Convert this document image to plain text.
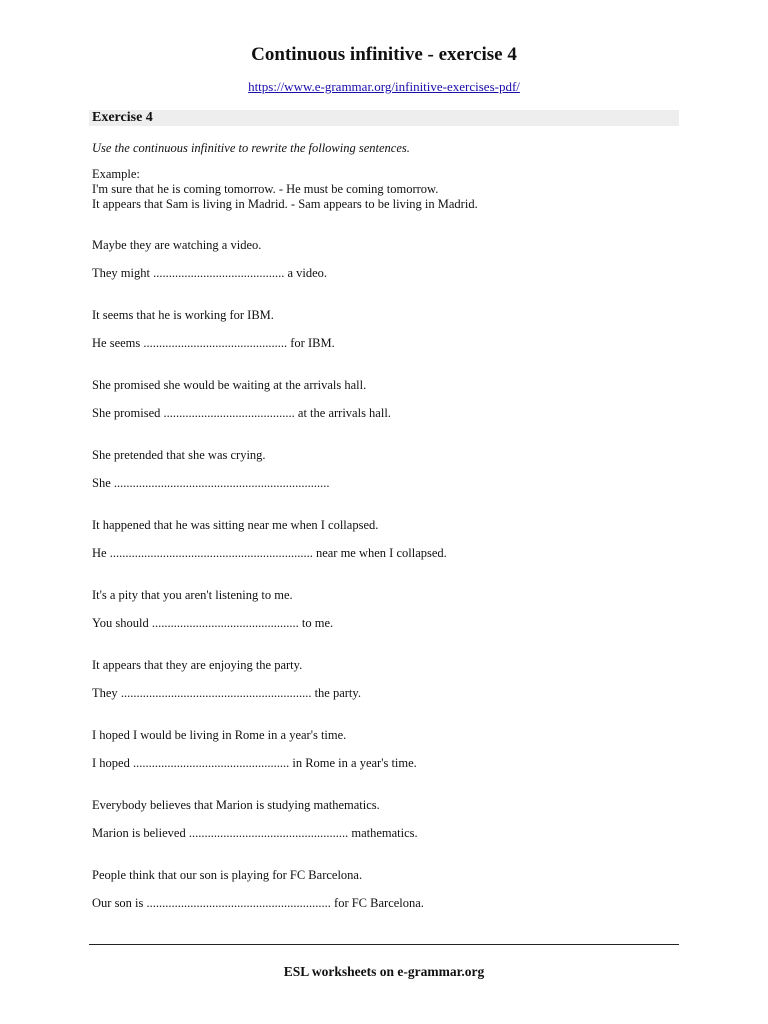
Continuous infinitive - exercise 4
https://www.e-grammar.org/infinitive-exercises-pdf/
Exercise 4
Use the continuous infinitive to rewrite the following sentences.
Example:
I'm sure that he is coming tomorrow. - He must be coming tomorrow.
It appears that Sam is living in Madrid. - Sam appears to be living in Madrid.
Maybe they are watching a video.
They might .......................................... a video.
It seems that he is working for IBM.
He seems .............................................. for IBM.
She promised she would be waiting at the arrivals hall.
She promised .......................................... at the arrivals hall.
She pretended that she was crying.
She .....................................................................
It happened that he was sitting near me when I collapsed.
He ................................................................. near me when I collapsed.
It's a pity that you aren't listening to me.
You should ............................................... to me.
It appears that they are enjoying the party.
They ............................................................. the party.
I hoped I would be living in Rome in a year's time.
I hoped .................................................. in Rome in a year's time.
Everybody believes that Marion is studying mathematics.
Marion is believed ................................................... mathematics.
People think that our son is playing for FC Barcelona.
Our son is ........................................................... for FC Barcelona.
ESL worksheets on e-grammar.org
